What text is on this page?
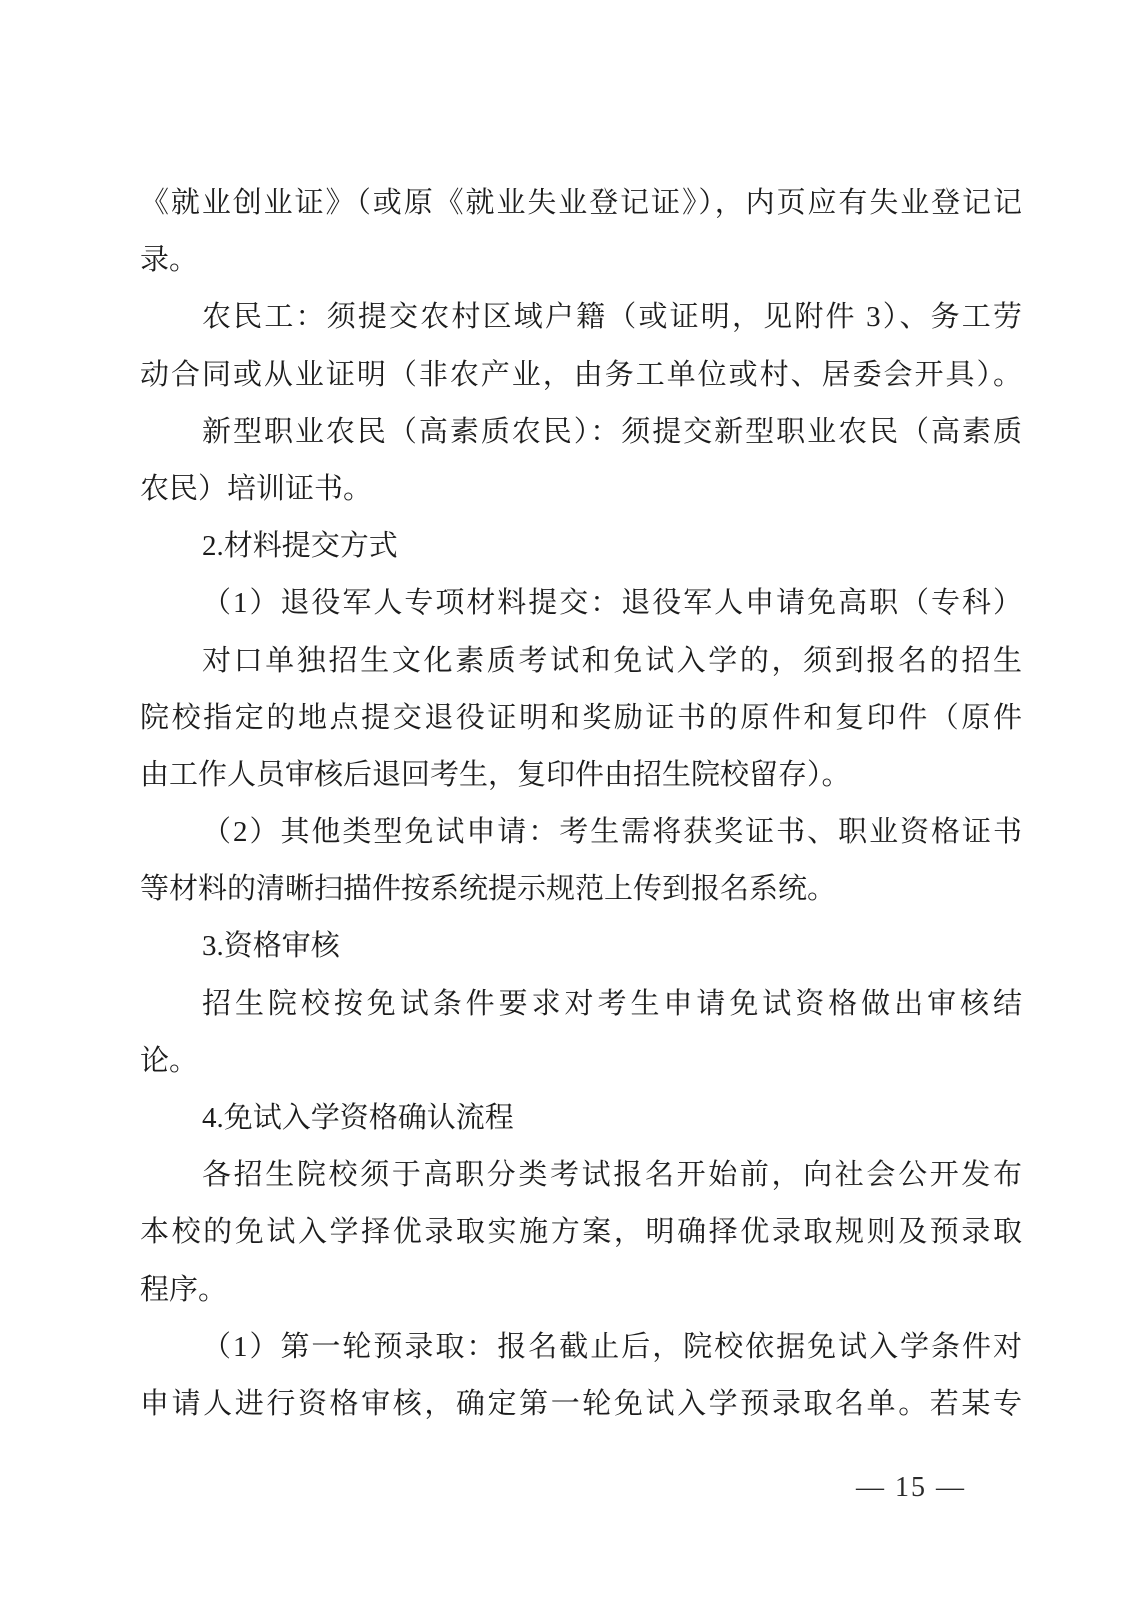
《就业创业证》（或原《就业失业登记证》），内页应有失业登记记
录。
农民工：须提交农村区域户籍（或证明，见附件 3）、务工劳
动合同或从业证明（非农产业，由务工单位或村、居委会开具）。
新型职业农民（高素质农民）：须提交新型职业农民（高素质
农民）培训证书。
2.材料提交方式
（1）退役军人专项材料提交：退役军人申请免高职（专科）
对口单独招生文化素质考试和免试入学的，须到报名的招生
院校指定的地点提交退役证明和奖励证书的原件和复印件（原件
由工作人员审核后退回考生，复印件由招生院校留存）。
（2）其他类型免试申请：考生需将获奖证书、职业资格证书
等材料的清晰扫描件按系统提示规范上传到报名系统。
3.资格审核
招生院校按免试条件要求对考生申请免试资格做出审核结
论。
4.免试入学资格确认流程
各招生院校须于高职分类考试报名开始前，向社会公开发布
本校的免试入学择优录取实施方案，明确择优录取规则及预录取
程序。
（1）第一轮预录取：报名截止后，院校依据免试入学条件对
申请人进行资格审核，确定第一轮免试入学预录取名单。若某专
— 15 —
